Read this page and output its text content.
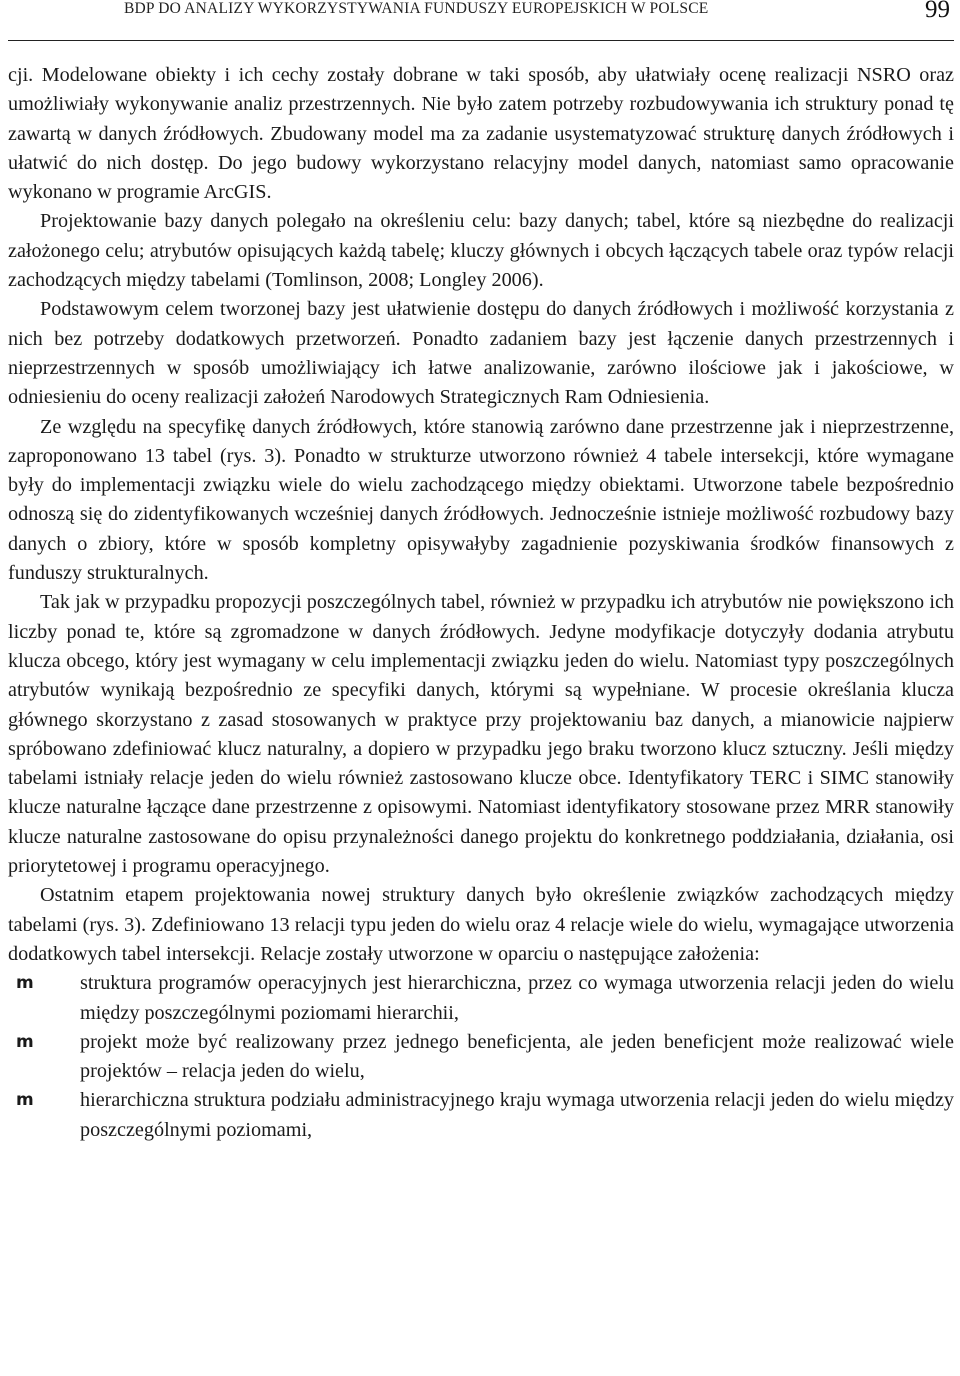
BDP DO ANALIZY WYKORZYSTYWANIA FUNDUSZY EUROPEJSKICH W POLSCE	99

cji. Modelowane obiekty i ich cechy zostały dobrane w taki sposób, aby ułatwiały ocenę realizacji NSRO oraz umożliwiały wykonywanie analiz przestrzennych. Nie było zatem potrzeby rozbudowywania ich struktury ponad tę zawartą w danych źródłowych. Zbudowany model ma za zadanie usystematyzować strukturę danych źródłowych i ułatwić do nich dostęp. Do jego budowy wykorzystano relacyjny model danych, natomiast samo opracowanie wykonano w programie ArcGIS.

Projektowanie bazy danych polegało na określeniu celu: bazy danych; tabel, które są niezbędne do realizacji założonego celu; atrybutów opisujących każdą tabelę; kluczy głównych i obcych łączących tabele oraz typów relacji zachodzących między tabelami (Tomlinson, 2008; Longley 2006).

Podstawowym celem tworzonej bazy jest ułatwienie dostępu do danych źródłowych i możliwość korzystania z nich bez potrzeby dodatkowych przetworzeń. Ponadto zadaniem bazy jest łączenie danych przestrzennych i nieprzestrzennych w sposób umożliwiający ich łatwe analizowanie, zarówno ilościowe jak i jakościowe, w odniesieniu do oceny realizacji założeń Narodowych Strategicznych Ram Odniesienia.

Ze względu na specyfikę danych źródłowych, które stanowią zarówno dane przestrzenne jak i nieprzestrzenne, zaproponowano 13 tabel (rys. 3). Ponadto w strukturze utworzono również 4 tabele intersekcji, które wymagane były do implementacji związku wiele do wielu zachodzącego między obiektami. Utworzone tabele bezpośrednio odnoszą się do zidentyfikowanych wcześniej danych źródłowych. Jednocześnie istnieje możliwość rozbudowy bazy danych o zbiory, które w sposób kompletny opisywałyby zagadnienie pozyskiwania środków finansowych z funduszy strukturalnych.

Tak jak w przypadku propozycji poszczególnych tabel, również w przypadku ich atrybutów nie powiększono ich liczby ponad te, które są zgromadzone w danych źródłowych. Jedyne modyfikacje dotyczyły dodania atrybutu klucza obcego, który jest wymagany w celu implementacji związku jeden do wielu. Natomiast typy poszczególnych atrybutów wynikają bezpośrednio ze specyfiki danych, którymi są wypełniane. W procesie określania klucza głównego skorzystano z zasad stosowanych w praktyce przy projektowaniu baz danych, a mianowicie najpierw spróbowano zdefiniować klucz naturalny, a dopiero w przypadku jego braku tworzono klucz sztuczny. Jeśli między tabelami istniały relacje jeden do wielu również zastosowano klucze obce. Identyfikatory TERC i SIMC stanowiły klucze naturalne łączące dane przestrzenne z opisowymi. Natomiast identyfikatory stosowane przez MRR stanowiły klucze naturalne zastosowane do opisu przynależności danego projektu do konkretnego poddziałania, działania, osi priorytetowej i programu operacyjnego.

Ostatnim etapem projektowania nowej struktury danych było określenie związków zachodzących między tabelami (rys. 3). Zdefiniowano 13 relacji typu jeden do wielu oraz 4 relacje wiele do wielu, wymagające utworzenia dodatkowych tabel intersekcji. Relacje zostały utworzone w oparciu o następujące założenia:

m struktura programów operacyjnych jest hierarchiczna, przez co wymaga utworzenia relacji jeden do wielu między poszczególnymi poziomami hierarchii,
m projekt może być realizowany przez jednego beneficjenta, ale jeden beneficjent może realizować wiele projektów – relacja jeden do wielu,
m hierarchiczna struktura podziału administracyjnego kraju wymaga utworzenia relacji jeden do wielu między poszczególnymi poziomami,
